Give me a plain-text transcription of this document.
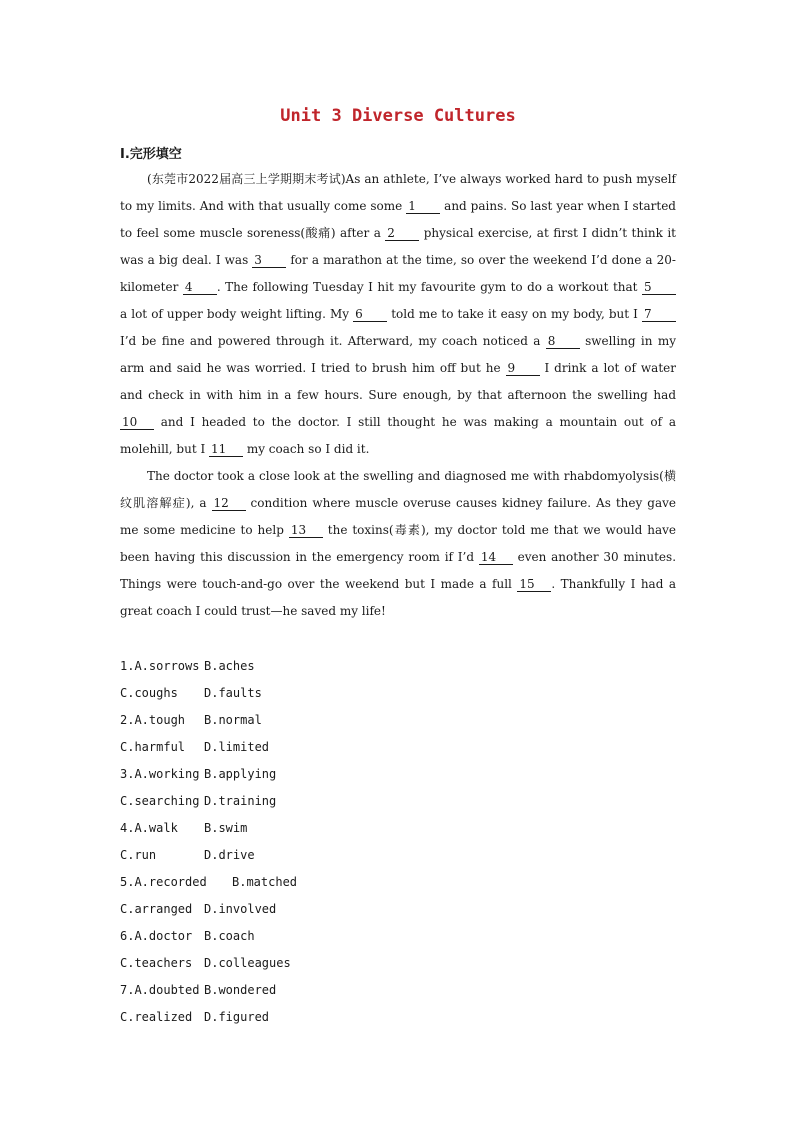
Unit 3 Diverse Cultures
Ⅰ.完形填空

(东莞市2022届高三上学期期末考试)As an athlete, I’ve always worked hard to push myself to my limits. And with that usually come some 1 and pains. So last year when I started to feel some muscle soreness(酸痛) after a 2 physical exercise, at first I didn’t think it was a big deal. I was 3 for a marathon at the time, so over the weekend I’d done a 20-kilometer 4 . The following Tuesday I hit my favourite gym to do a workout that 5 a lot of upper body weight lifting. My 6 told me to take it easy on my body, but I 7 I’d be fine and powered through it. Afterward, my coach noticed a 8 swelling in my arm and said he was worried. I tried to brush him off but he 9 I drink a lot of water and check in with him in a few hours. Sure enough, by that afternoon the swelling had 10 and I headed to the doctor. I still thought he was making a mountain out of a molehill, but I 11 my coach so I did it.

The doctor took a close look at the swelling and diagnosed me with rhabdomyolysis(横纹肌溶解症), a 12 condition where muscle overuse causes kidney failure. As they gave me some medicine to help 13 the toxins(毒素), my doctor told me that we would have been having this discussion in the emergency room if I’d 14 even another 30 minutes. Things were touch-and-go over the weekend but I made a full 15 . Thankfully I had a great coach I could trust—he saved my life!

1.A.sorrows B.aches
C.coughs D.faults
2.A.tough B.normal
C.harmful D.limited
3.A.working B.applying
C.searching D.training
4.A.walk B.swim
C.run	D.drive
5.A.recorded B.matched
C.arranged D.involved
6.A.doctor B.coach
C.teachers D.colleagues
7.A.doubted B.wondered
C.realized D.figured
